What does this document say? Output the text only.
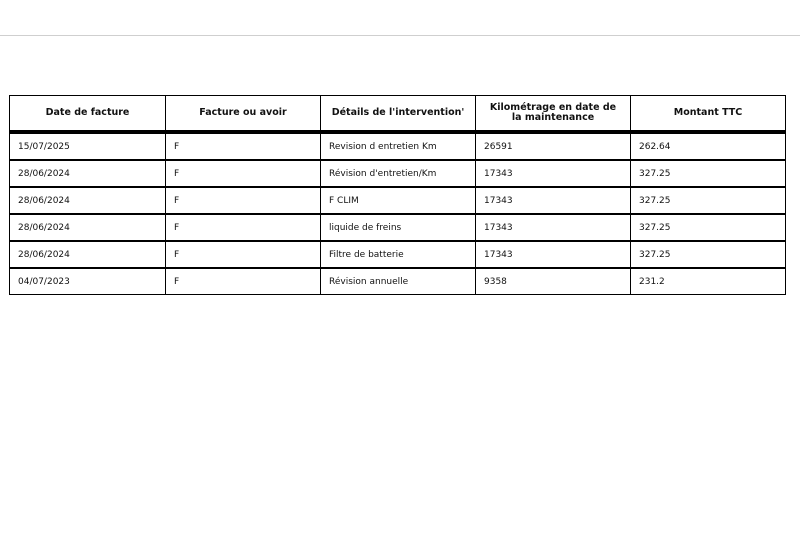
Date de facture	Facture ou avoir	Détails de l'intervention'	Kilométrage en date de la maintenance	Montant TTC
15/07/2025	F	Revision d entretien Km	26591	262.64
28/06/2024	F	Révision d'entretien/Km	17343	327.25
28/06/2024	F	F CLIM	17343	327.25
28/06/2024	F	liquide de freins	17343	327.25
28/06/2024	F	Filtre de batterie	17343	327.25
04/07/2023	F	Révision annuelle	9358	231.2
